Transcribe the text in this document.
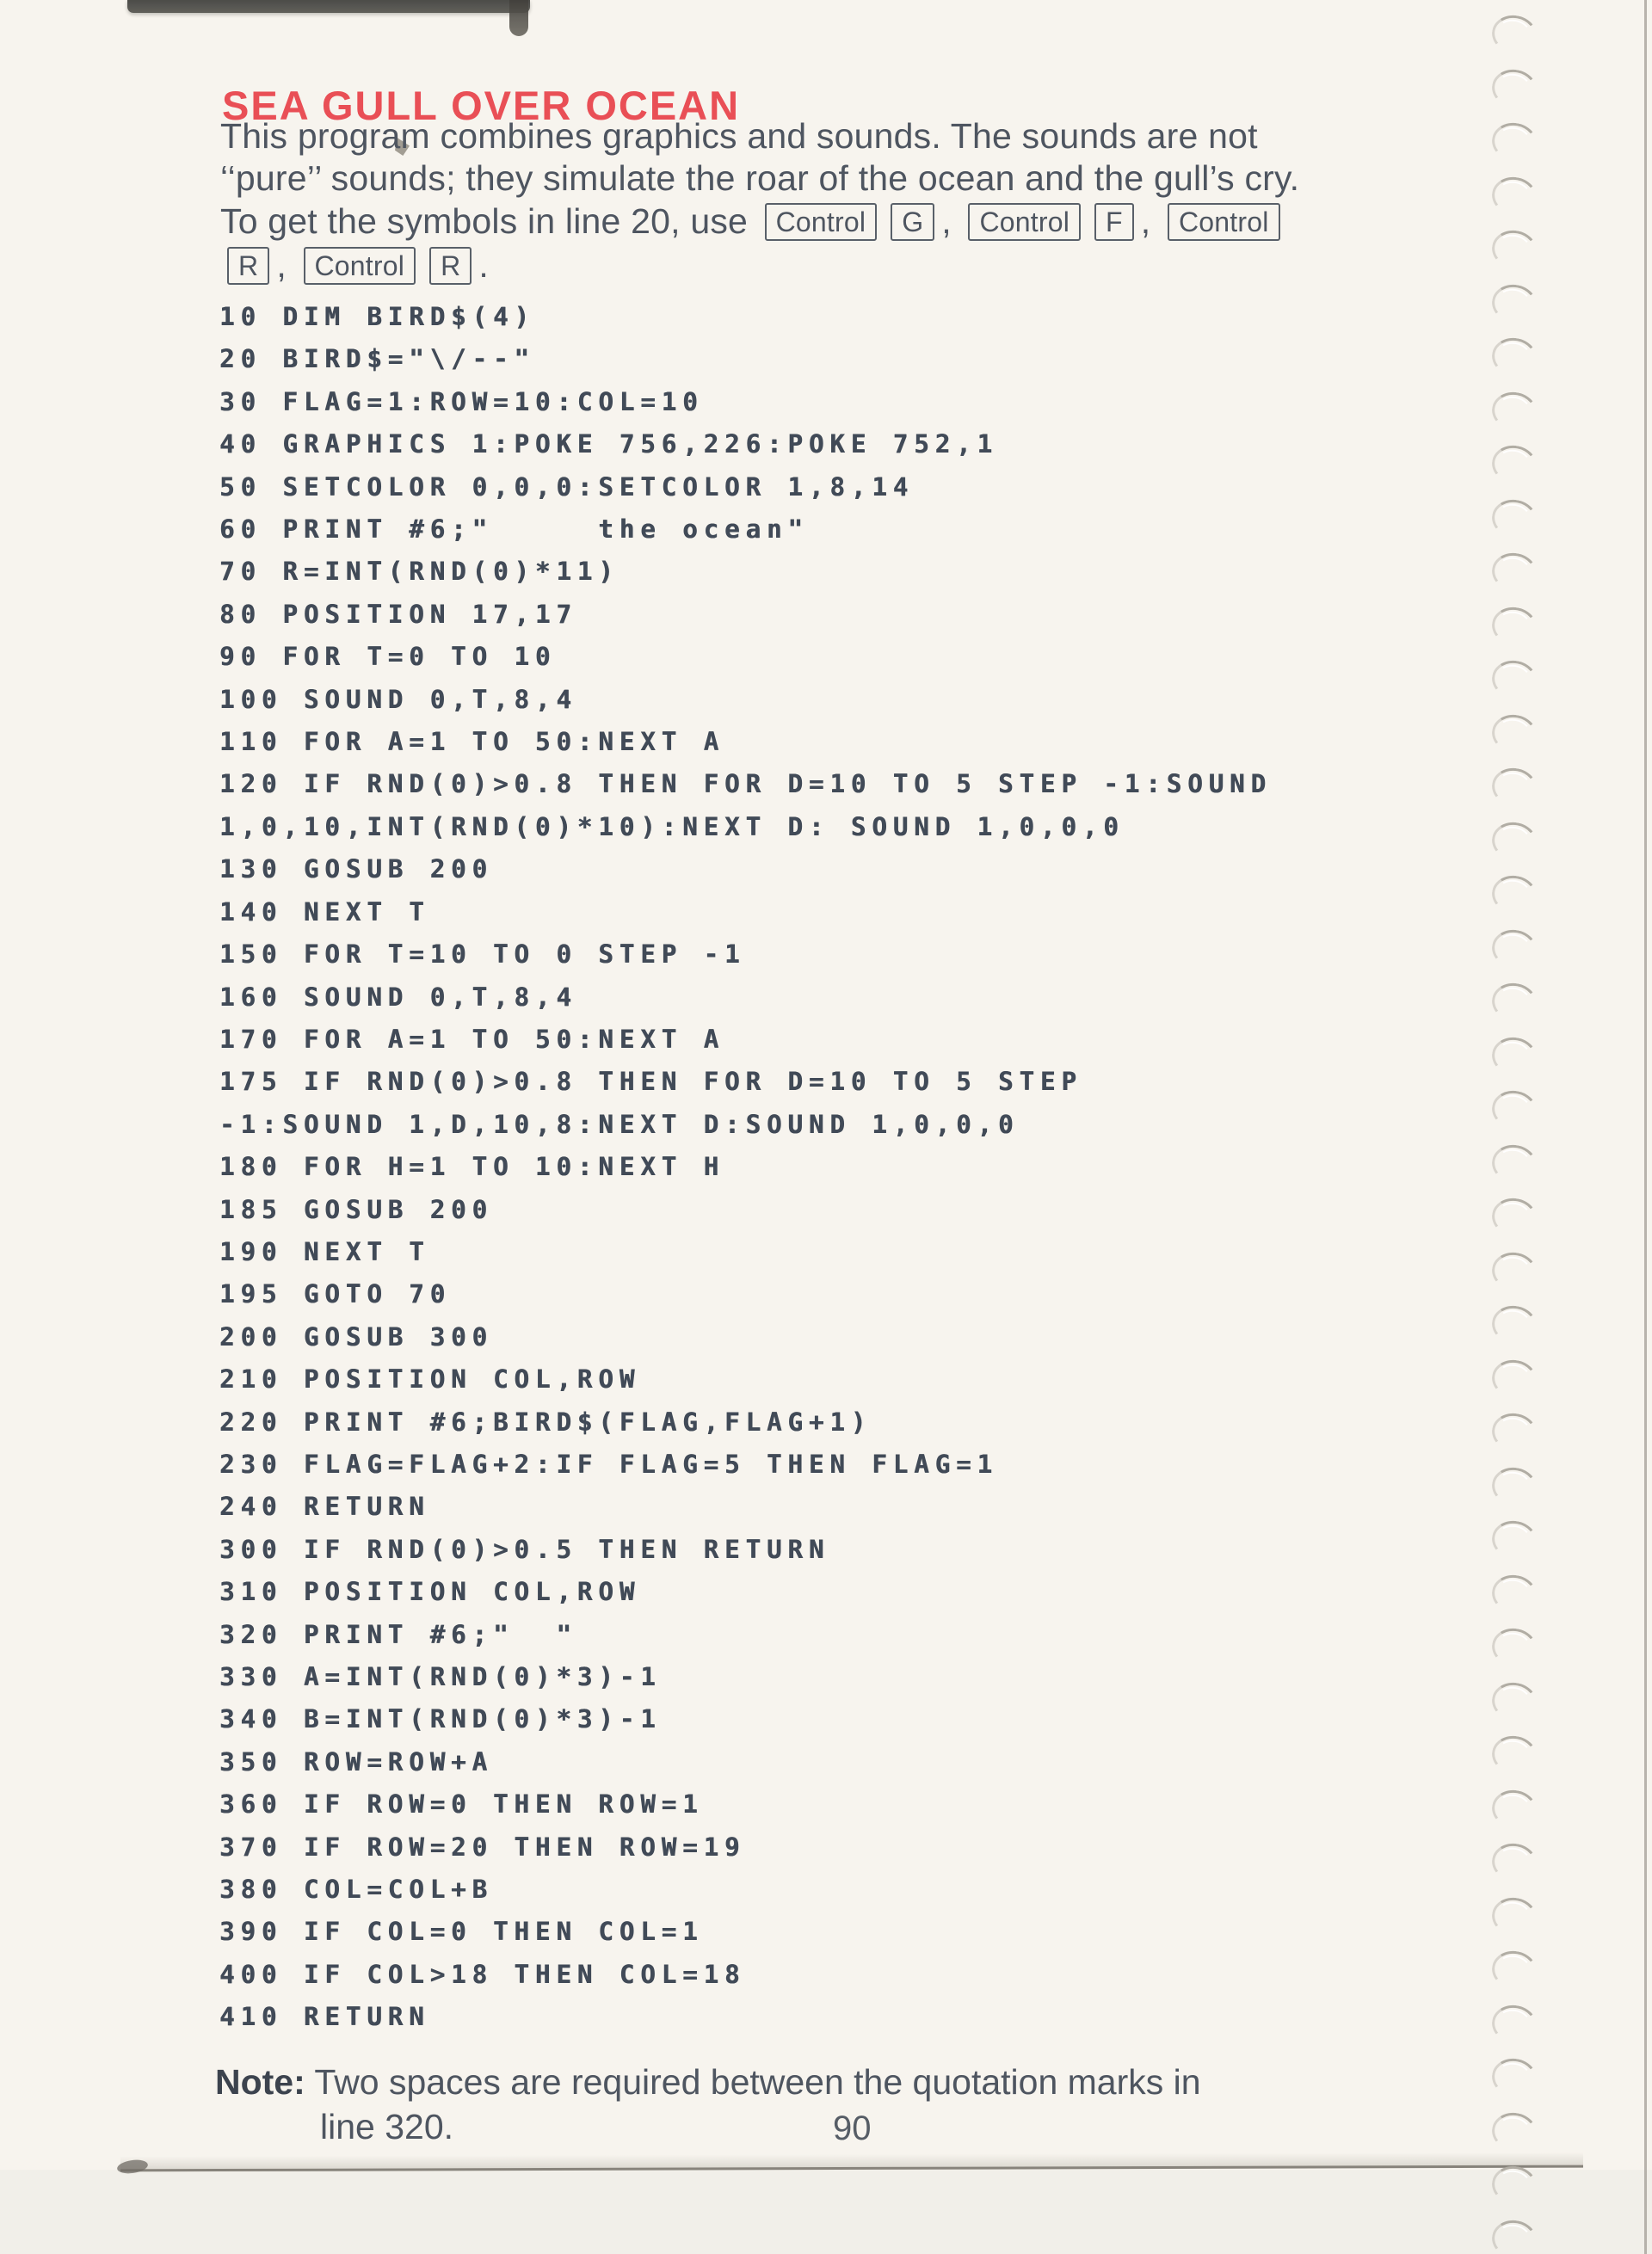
SEA GULL OVER OCEAN
This program combines graphics and sounds. The sounds are not
‘‘pure’’ sounds; they simulate the roar of the ocean and the gull’s cry.
To get the symbols in line 20, use Control G , Control F , Control
R , Control R .
10 DIM BIRD$(4)
20 BIRD$="\/--"
30 FLAG=1:ROW=10:COL=10
40 GRAPHICS 1:POKE 756,226:POKE 752,1
50 SETCOLOR 0,0,0:SETCOLOR 1,8,14
60 PRINT #6;"     the ocean"
70 R=INT(RND(0)*11)
80 POSITION 17,17
90 FOR T=0 TO 10
100 SOUND 0,T,8,4
110 FOR A=1 TO 50:NEXT A
120 IF RND(0)>0.8 THEN FOR D=10 TO 5 STEP -1:SOUND
1,0,10,INT(RND(0)*10):NEXT D: SOUND 1,0,0,0
130 GOSUB 200
140 NEXT T
150 FOR T=10 TO 0 STEP -1
160 SOUND 0,T,8,4
170 FOR A=1 TO 50:NEXT A
175 IF RND(0)>0.8 THEN FOR D=10 TO 5 STEP
-1:SOUND 1,D,10,8:NEXT D:SOUND 1,0,0,0
180 FOR H=1 TO 10:NEXT H
185 GOSUB 200
190 NEXT T
195 GOTO 70
200 GOSUB 300
210 POSITION COL,ROW
220 PRINT #6;BIRD$(FLAG,FLAG+1)
230 FLAG=FLAG+2:IF FLAG=5 THEN FLAG=1
240 RETURN
300 IF RND(0)>0.5 THEN RETURN
310 POSITION COL,ROW
320 PRINT #6;"  "
330 A=INT(RND(0)*3)-1
340 B=INT(RND(0)*3)-1
350 ROW=ROW+A
360 IF ROW=0 THEN ROW=1
370 IF ROW=20 THEN ROW=19
380 COL=COL+B
390 IF COL=0 THEN COL=1
400 IF COL>18 THEN COL=18
410 RETURN
Note: Two spaces are required between the quotation marks in
line 320.	90
